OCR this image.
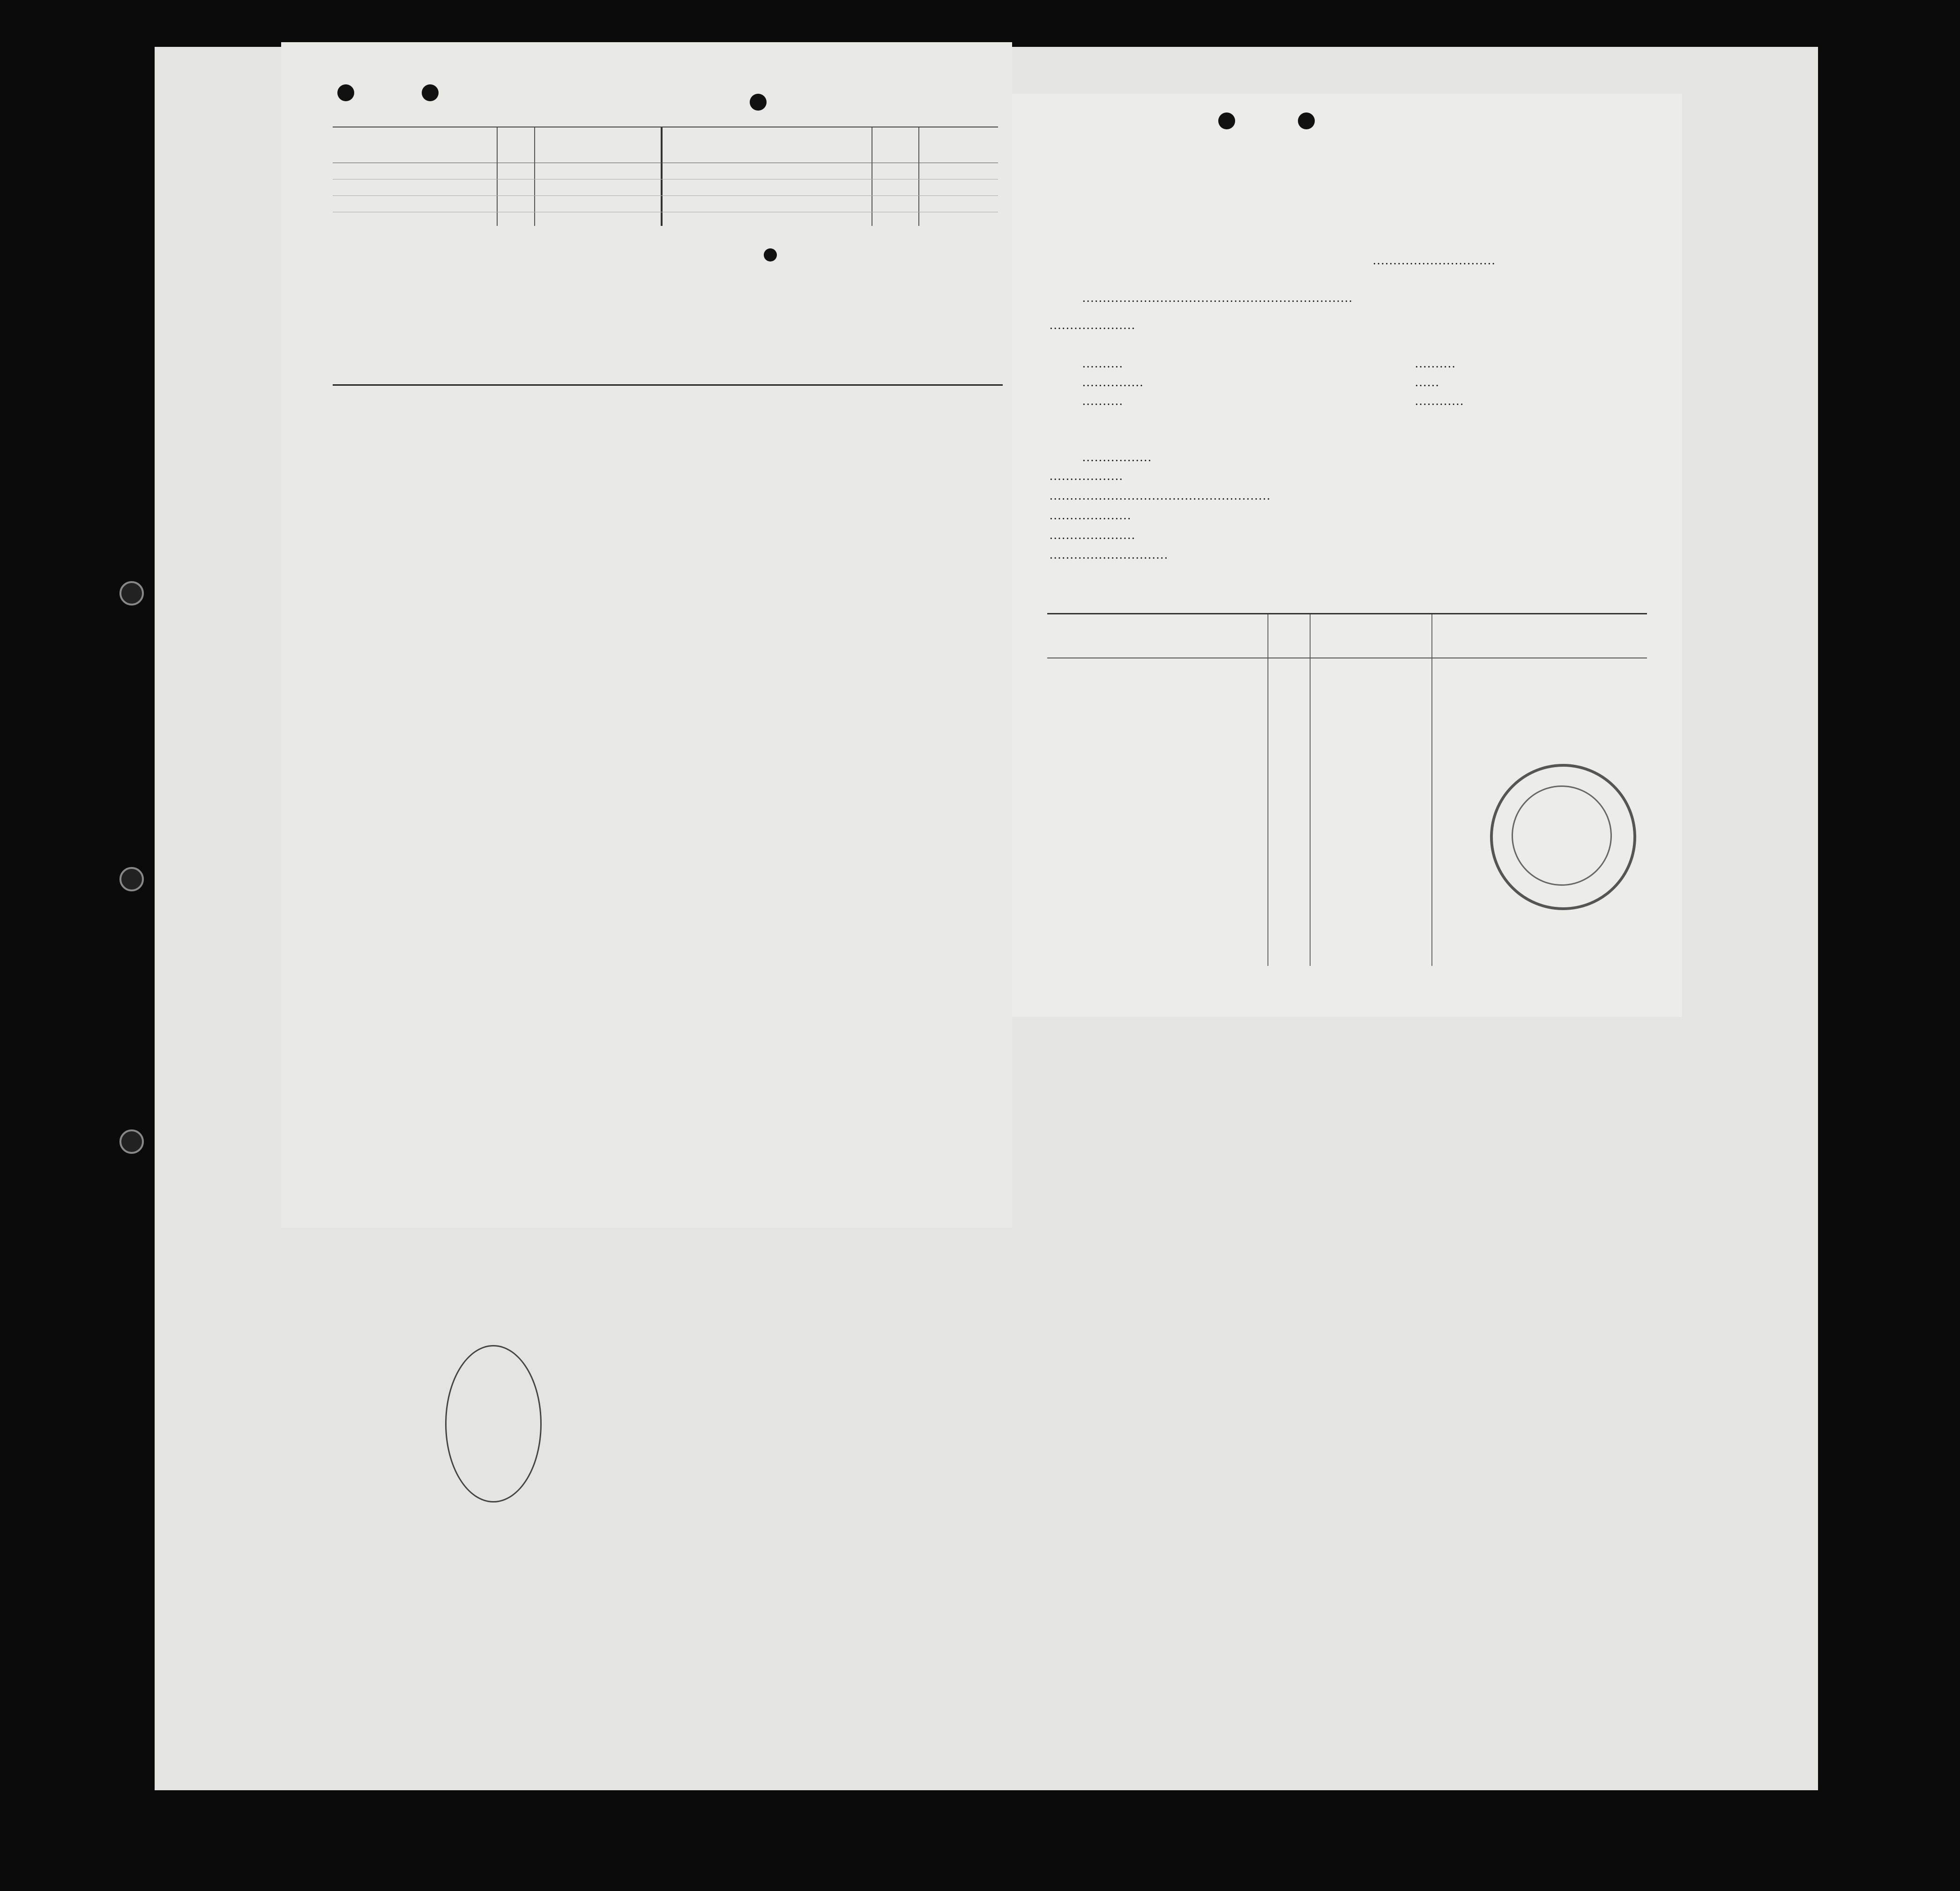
..............................
..................................................................
.....................
..........	..........
...............	......
..........	............
.................
..................
......................................................
....................
.....................
.............................
